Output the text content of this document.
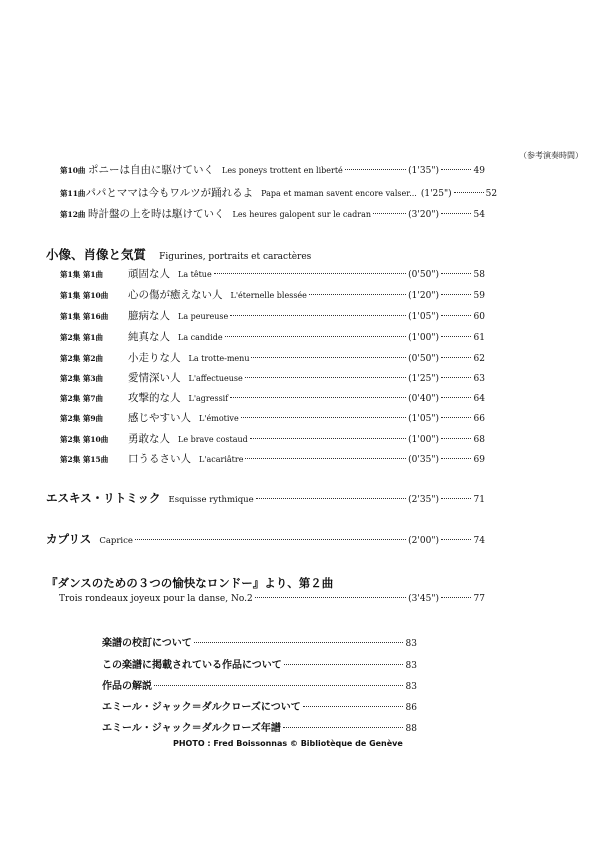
（参考演奏時間）
第10曲 ポニーは自由に駆けていく Les poneys trottent en liberté	(1'35")	49
第11曲 パパとママは今もワルツが踊れるよ Papa et maman savent encore valser... (1'25")	52
第12曲 時計盤の上を時は駆けていく Les heures galopent sur le cadran	(3'20")	54
小像、肖像と気質 Figurines, portraits et caractères
第1集 第1曲	頑固な人 La têtue	(0'50")	58
第1集 第10曲	心の傷が癒えない人 L'éternelle blessée	(1'20")	59
第1集 第16曲	臆病な人 La peureuse	(1'05")	60
第2集 第1曲	純真な人 La candide	(1'00")	61
第2集 第2曲	小走りな人 La trotte-menu	(0'50")	62
第2集 第3曲	愛情深い人 L'affectueuse	(1'25")	63
第2集 第7曲	攻撃的な人 L'agressif	(0'40")	64
第2集 第9曲	感じやすい人 L'émotive	(1'05")	66
第2集 第10曲	勇敢な人 Le brave costaud	(1'00")	68
第2集 第15曲	口うるさい人 L'acariâtre	(0'35")	69
エスキス・リトミック Esquisse rythmique	(2'35")	71
カプリス Caprice	(2'00")	74
『ダンスのための３つの愉快なロンドー』より、第２曲
Trois rondeaux joyeux pour la danse, No.2	(3'45")	77
楽譜の校訂について	83
この楽譜に掲載されている作品について	83
作品の解説	83
エミール・ジャック＝ダルクローズについて	86
エミール・ジャック＝ダルクローズ年譜	88
PHOTO : Fred Boissonnas © Bibliotèque de Genève
